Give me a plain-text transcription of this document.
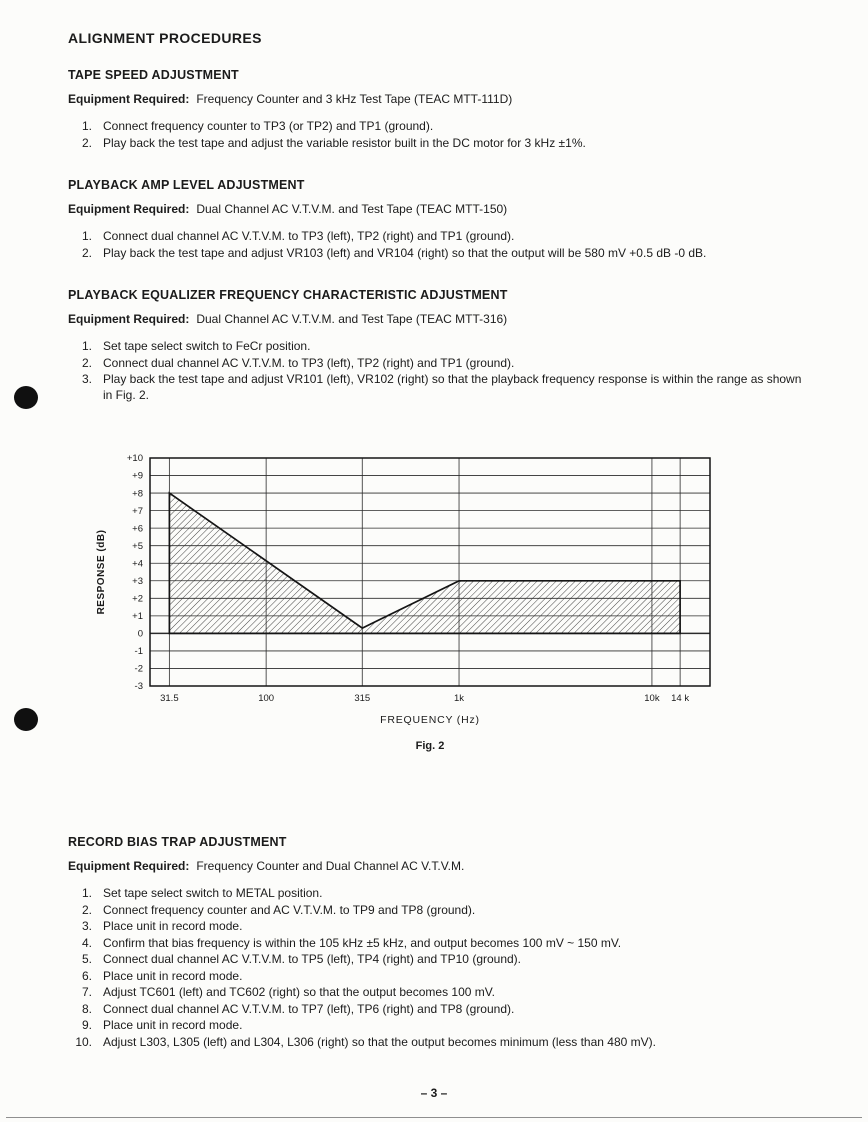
ALIGNMENT PROCEDURES
TAPE SPEED ADJUSTMENT

Equipment Required: Frequency Counter and 3 kHz Test Tape (TEAC MTT-111D)

1. Connect frequency counter to TP3 (or TP2) and TP1 (ground).
2. Play back the test tape and adjust the variable resistor built in the DC motor for 3 kHz ±1%.
PLAYBACK AMP LEVEL ADJUSTMENT

Equipment Required: Dual Channel AC V.T.V.M. and Test Tape (TEAC MTT-150)

1. Connect dual channel AC V.T.V.M. to TP3 (left), TP2 (right) and TP1 (ground).
2. Play back the test tape and adjust VR103 (left) and VR104 (right) so that the output will be 580 mV +0.5 dB -0 dB.
PLAYBACK EQUALIZER FREQUENCY CHARACTERISTIC ADJUSTMENT

Equipment Required: Dual Channel AC V.T.V.M. and Test Tape (TEAC MTT-316)

1. Set tape select switch to FeCr position.
2. Connect dual channel AC V.T.V.M. to TP3 (left), TP2 (right) and TP1 (ground).
3. Play back the test tape and adjust VR101 (left), VR102 (right) so that the playback frequency response is within the range as shown in Fig. 2.
-3
-2
-1
0
+1
+2
+3
+4
+5
+6
+7
+8
+9
+10
31.5	100	315	1k	10k 14 k
RESPONSE (dB)
FREQUENCY (Hz)
Fig. 2
RECORD BIAS TRAP ADJUSTMENT

Equipment Required: Frequency Counter and Dual Channel AC V.T.V.M.

1. Set tape select switch to METAL position.
2. Connect frequency counter and AC V.T.V.M. to TP9 and TP8 (ground).
3. Place unit in record mode.
4. Confirm that bias frequency is within the 105 kHz ±5 kHz, and output becomes 100 mV ~ 150 mV.
5. Connect dual channel AC V.T.V.M. to TP5 (left), TP4 (right) and TP10 (ground).
6. Place unit in record mode.
7. Adjust TC601 (left) and TC602 (right) so that the output becomes 100 mV.
8. Connect dual channel AC V.T.V.M. to TP7 (left), TP6 (right) and TP8 (ground).
9. Place unit in record mode.
10. Adjust L303, L305 (left) and L304, L306 (right) so that the output becomes minimum (less than 480 mV).
– 3 –
